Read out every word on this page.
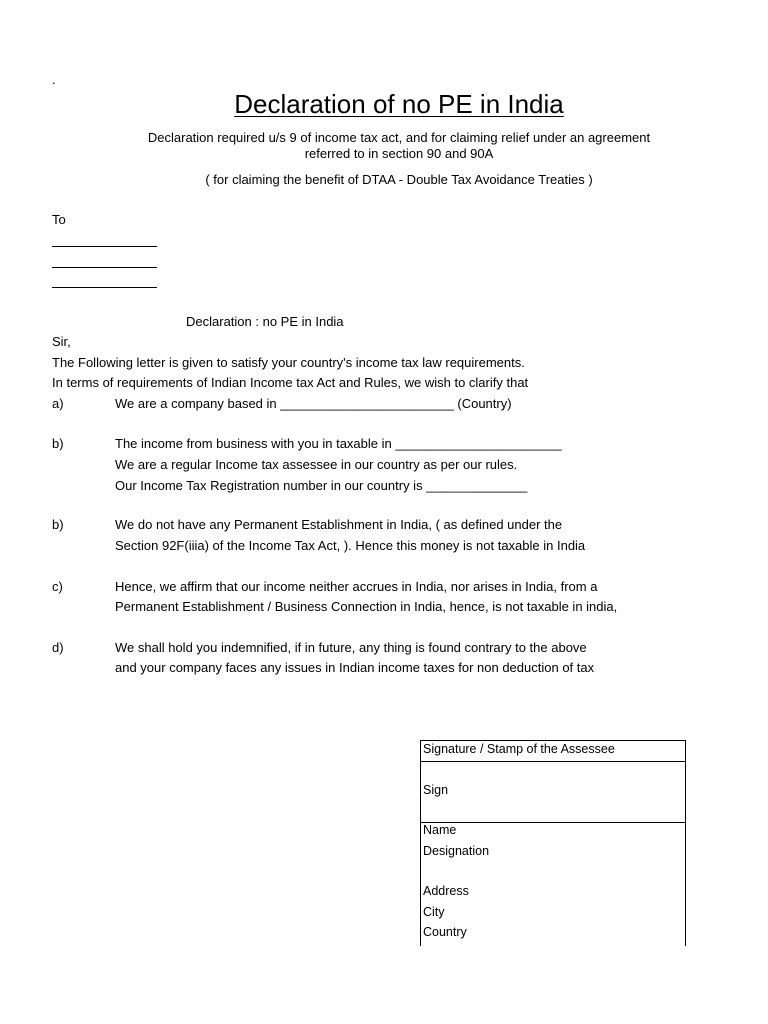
.
Declaration of no PE in India
Declaration required u/s 9 of income tax act, and for claiming relief under an agreement
referred to in section 90 and 90A
( for claiming the benefit of DTAA - Double Tax Avoidance Treaties )
To
Declaration : no PE in India
Sir,
The Following letter is given to satisfy your country's income tax law requirements.
In terms of requirements of Indian Income tax Act and Rules, we wish to clarify that
a)	We are a company based in ________________________ (Country)
b)	The income from business with you in taxable in _______________________
We are a regular Income tax assessee in our country as per our rules.
Our Income Tax Registration number in our country is ______________
b)	We do not have any Permanent Establishment in India, ( as defined under the
Section 92F(iiia) of the Income Tax Act, ). Hence this money is not taxable in India
c)	Hence, we affirm that our income neither accrues in India, nor arises in India, from a
Permanent Establishment / Business Connection in India, hence, is not taxable in india,
d)	We shall hold you indemnified, if in future, any thing is found contrary to the above
and your company faces any issues in Indian income taxes for non deduction of tax
Signature / Stamp of the Assessee
Sign
Name
Designation
Address
City
Country
